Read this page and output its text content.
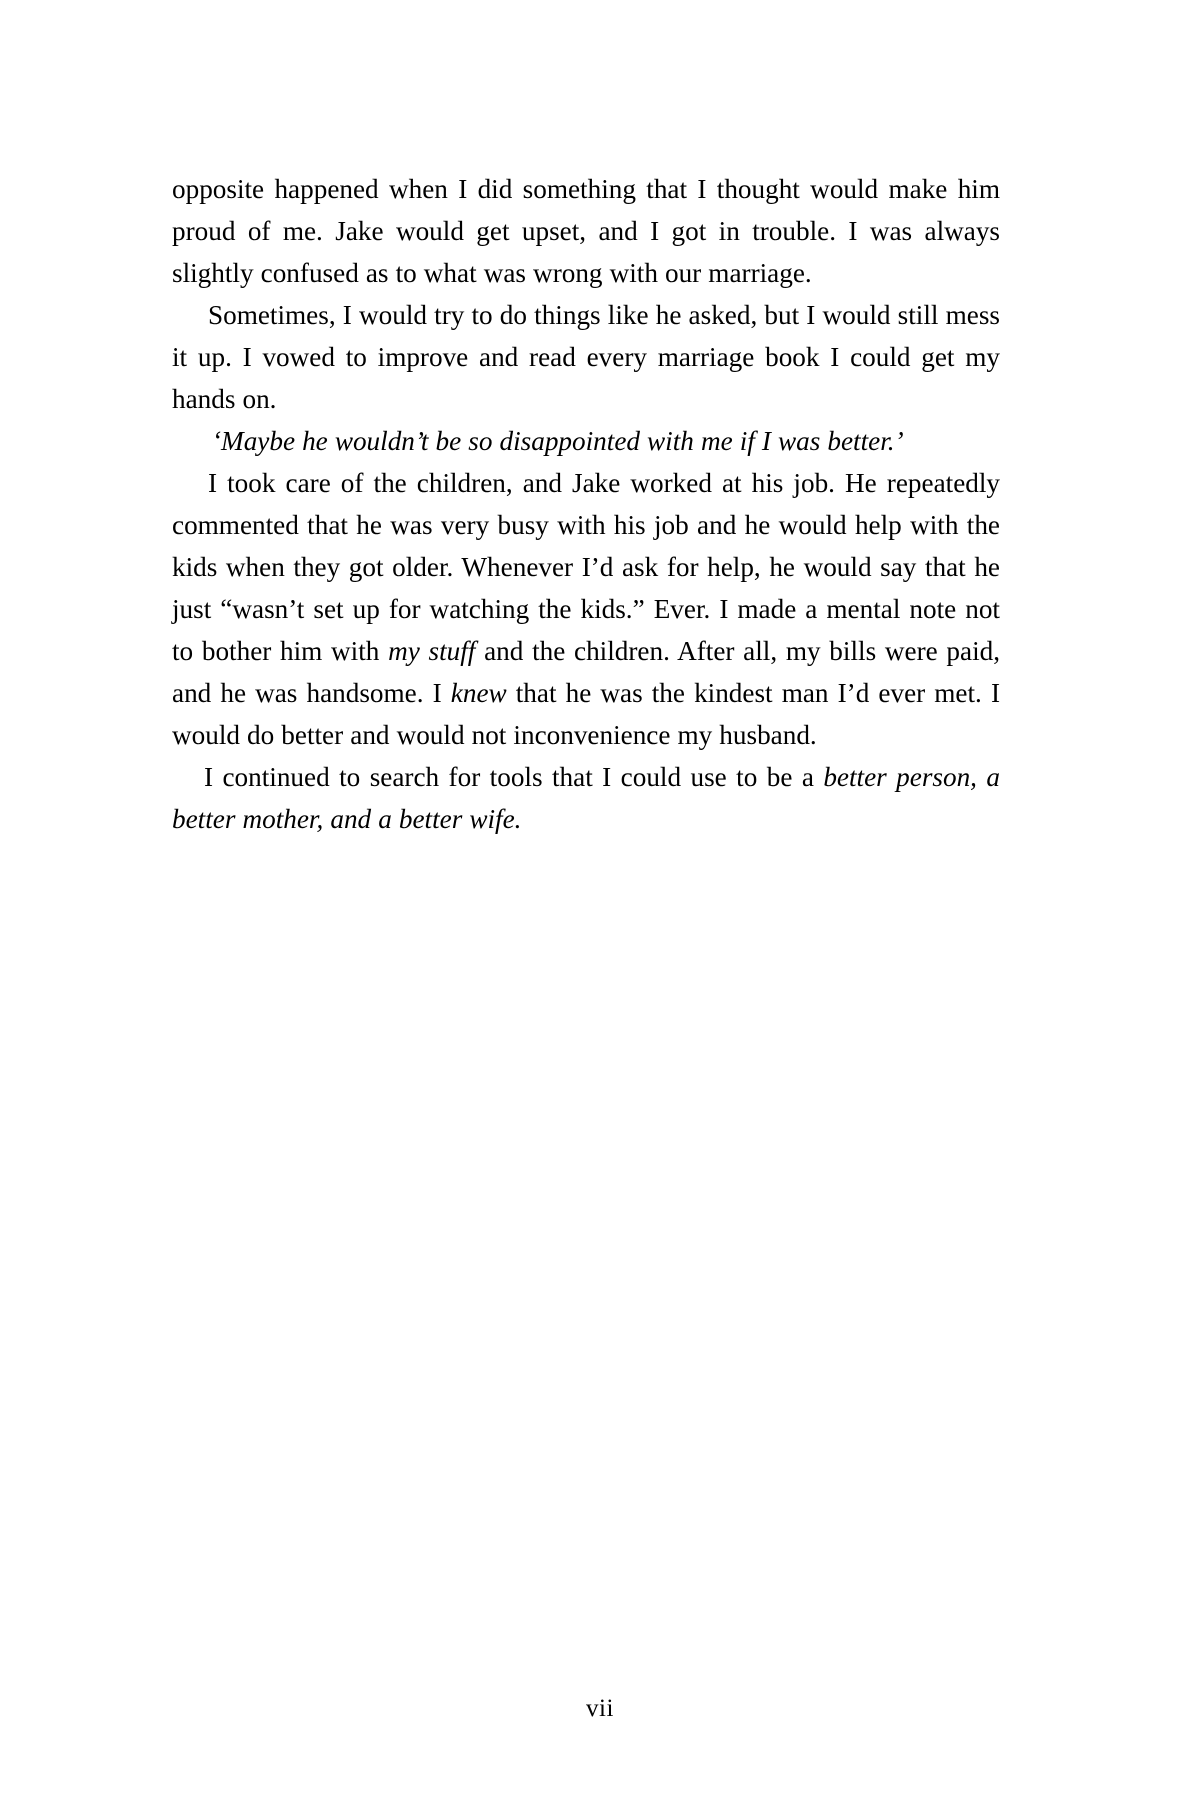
opposite happened when I did something that I thought would make him proud of me. Jake would get upset, and I got in trouble. I was always slightly confused as to what was wrong with our marriage.

Sometimes, I would try to do things like he asked, but I would still mess it up. I vowed to improve and read every marriage book I could get my hands on.

‘Maybe he wouldn’t be so disappointed with me if I was better.’

I took care of the children, and Jake worked at his job. He repeatedly commented that he was very busy with his job and he would help with the kids when they got older. Whenever I’d ask for help, he would say that he just “wasn’t set up for watching the kids.” Ever. I made a mental note not to bother him with my stuff and the children. After all, my bills were paid, and he was handsome. I knew that he was the kindest man I’d ever met. I would do better and would not inconvenience my husband.

I continued to search for tools that I could use to be a better person, a better mother, and a better wife.

vii
